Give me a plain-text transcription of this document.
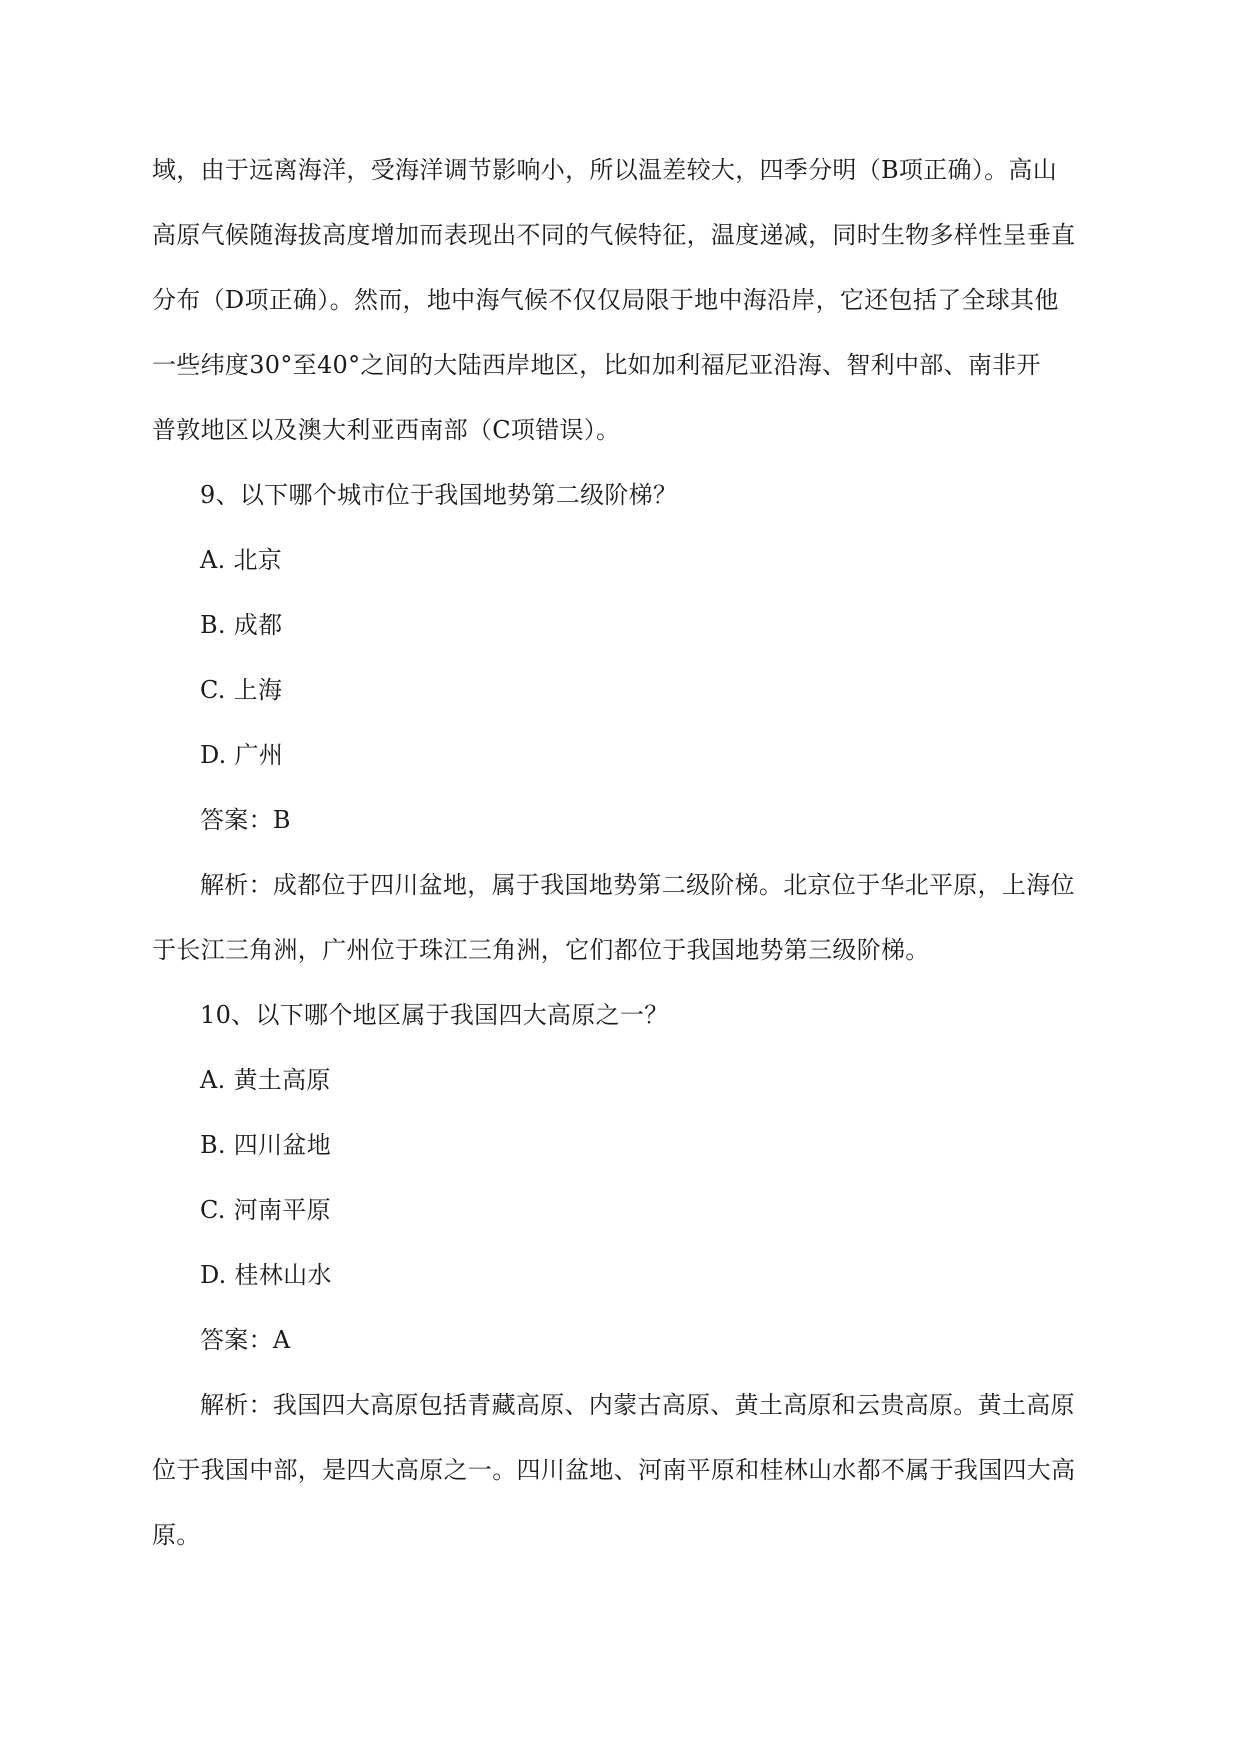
域，由于远离海洋，受海洋调节影响小，所以温差较大，四季分明（B项正确）。高山
高原气候随海拔高度增加而表现出不同的气候特征，温度递减，同时生物多样性呈垂直
分布（D项正确）。然而，地中海气候不仅仅局限于地中海沿岸，它还包括了全球其他
一些纬度30°至40°之间的大陆西岸地区，比如加利福尼亚沿海、智利中部、南非开
普敦地区以及澳大利亚西南部（C项错误）。
9、以下哪个城市位于我国地势第二级阶梯？
A. 北京
B. 成都
C. 上海
D. 广州
答案：B
解析：成都位于四川盆地，属于我国地势第二级阶梯。北京位于华北平原，上海位
于长江三角洲，广州位于珠江三角洲，它们都位于我国地势第三级阶梯。
10、以下哪个地区属于我国四大高原之一？
A. 黄土高原
B. 四川盆地
C. 河南平原
D. 桂林山水
答案：A
解析：我国四大高原包括青藏高原、内蒙古高原、黄土高原和云贵高原。黄土高原
位于我国中部，是四大高原之一。四川盆地、河南平原和桂林山水都不属于我国四大高
原。
